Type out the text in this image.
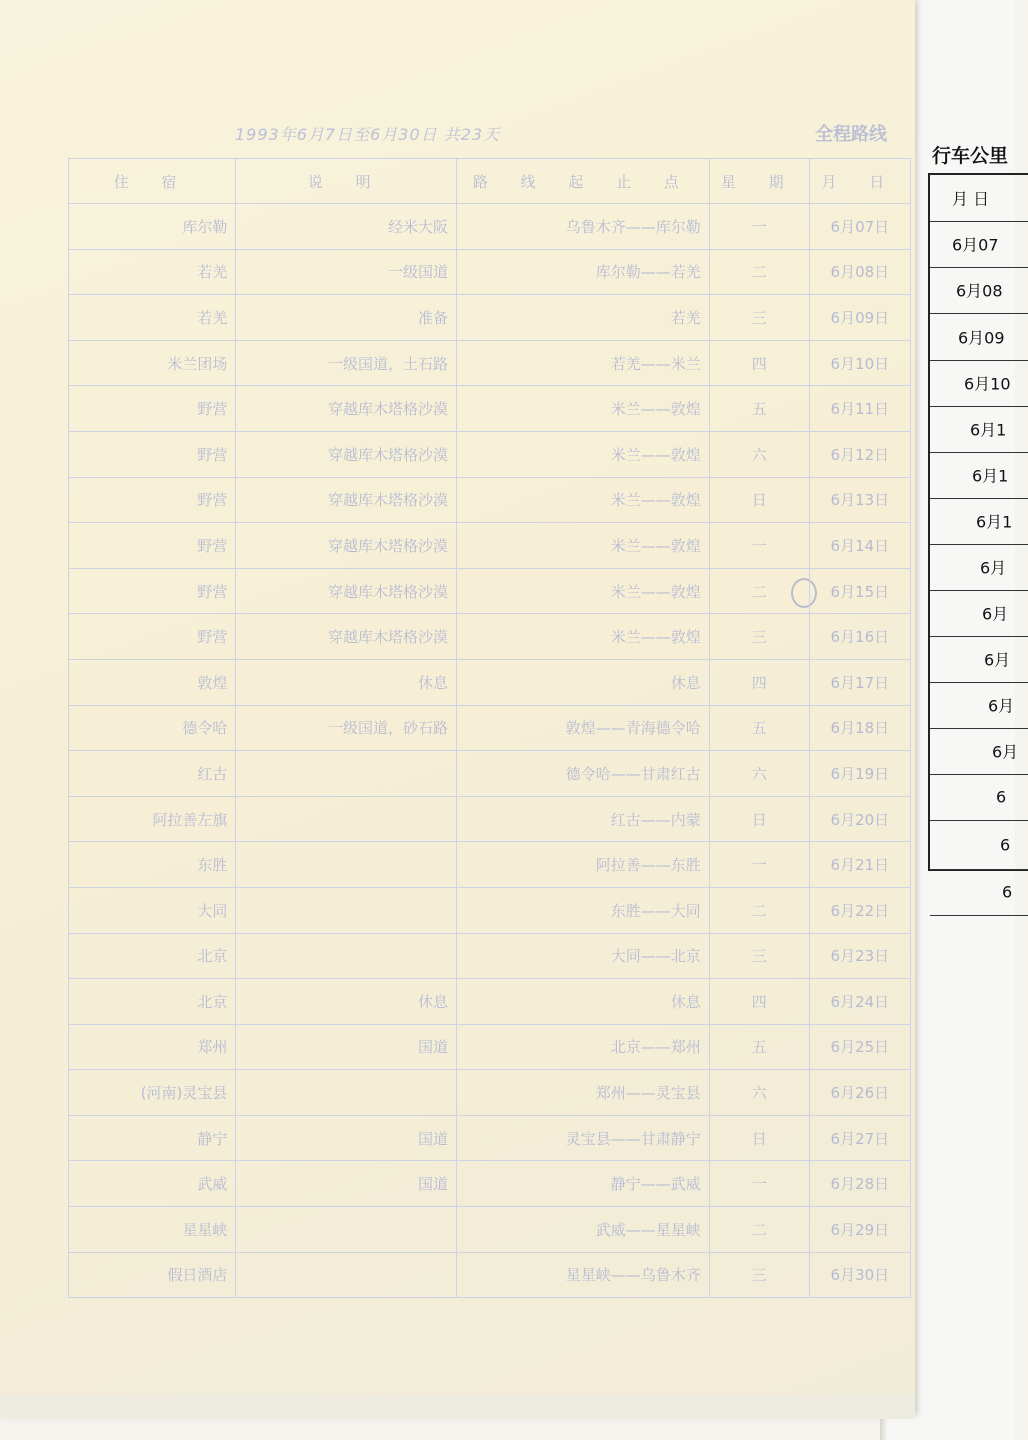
行车公里
月 日
6月07
6月08
6月09
6月10
6月1
6月1
6月1
6月
6月
6月
6月
6月
6
6
6
全程路线
1993年6月7日至6月30日 共23天
住 宿	说 明	路 线 起 止 点	星 期	月 日
库尔勒	经米大阪	乌鲁木齐——库尔勒	一	6月07日
若羌	一级国道	库尔勒——若羌	二	6月08日
若羌	准备	若羌	三	6月09日
米兰团场	一级国道，土石路	若羌——米兰	四	6月10日
野营	穿越库木塔格沙漠	米兰——敦煌	五	6月11日
野营	穿越库木塔格沙漠	米兰——敦煌	六	6月12日
野营	穿越库木塔格沙漠	米兰——敦煌	日	6月13日
野营	穿越库木塔格沙漠	米兰——敦煌	一	6月14日
野营	穿越库木塔格沙漠	米兰——敦煌	二	6月15日
野营	穿越库木塔格沙漠	米兰——敦煌	三	6月16日
敦煌	休息	休息	四	6月17日
德令哈	一级国道，砂石路	敦煌——青海德令哈	五	6月18日
红古		德令哈——甘肃红古	六	6月19日
阿拉善左旗		红古——内蒙	日	6月20日
东胜		阿拉善——东胜	一	6月21日
大同		东胜——大同	二	6月22日
北京		大同——北京	三	6月23日
北京	休息	休息	四	6月24日
郑州	国道	北京——郑州	五	6月25日
(河南)灵宝县		郑州——灵宝县	六	6月26日
静宁	国道	灵宝县——甘肃静宁	日	6月27日
武威	国道	静宁——武威	一	6月28日
星星峡		武威——星星峡	二	6月29日
假日酒店		星星峡——乌鲁木齐	三	6月30日
